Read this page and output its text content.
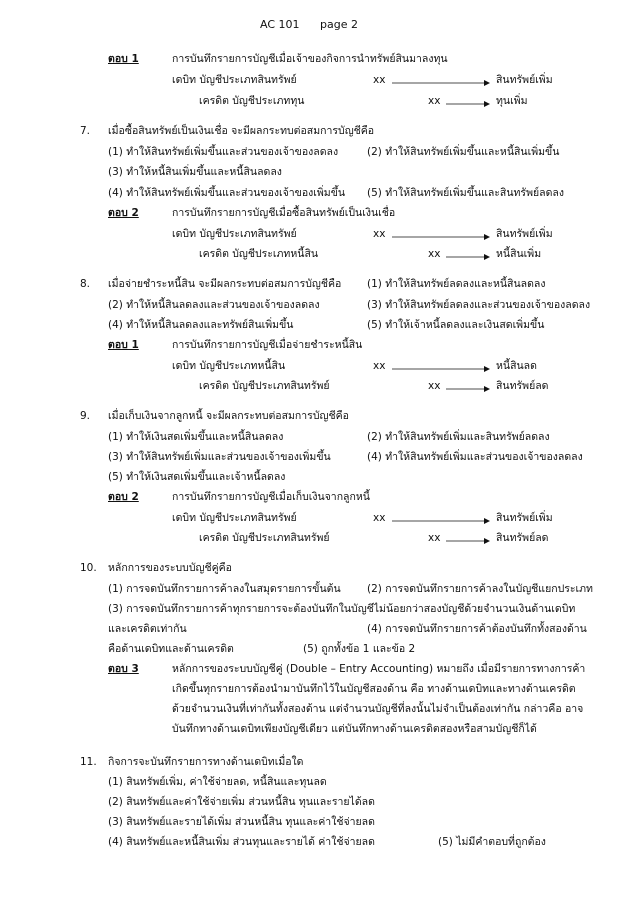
AC 101 page 2
ตอบ 1	การบันทึกรายการบัญชีเมื่อเจ้าของกิจการนำทรัพย์สินมาลงทุน
เดบิท บัญชีประเภทสินทรัพย์	xx	สินทรัพย์เพิ่ม
เครดิต บัญชีประเภททุน	xx	ทุนเพิ่ม
7. เมื่อซื้อสินทรัพย์เป็นเงินเชื่อ จะมีผลกระทบต่อสมการบัญชีคือ
(1) ทำให้สินทรัพย์เพิ่มขึ้นและส่วนของเจ้าของลดลง	(2) ทำให้สินทรัพย์เพิ่มขึ้นและหนี้สินเพิ่มขึ้น
(3) ทำให้หนี้สินเพิ่มขึ้นและหนี้สินลดลง
(4) ทำให้สินทรัพย์เพิ่มขึ้นและส่วนของเจ้าของเพิ่มขึ้น (5) ทำให้สินทรัพย์เพิ่มขึ้นและสินทรัพย์ลดลง
ตอบ 2	การบันทึกรายการบัญชีเมื่อซื้อสินทรัพย์เป็นเงินเชื่อ
เดบิท บัญชีประเภทสินทรัพย์	xx	สินทรัพย์เพิ่ม
เครดิต บัญชีประเภทหนี้สิน	xx	หนี้สินเพิ่ม
8. เมื่อจ่ายชำระหนี้สิน จะมีผลกระทบต่อสมการบัญชีคือ (1) ทำให้สินทรัพย์ลดลงและหนี้สินลดลง
(2) ทำให้หนี้สินลดลงและส่วนของเจ้าของลดลง	(3) ทำให้สินทรัพย์ลดลงและส่วนของเจ้าของลดลง
(4) ทำให้หนี้สินลดลงและทรัพย์สินเพิ่มขึ้น	(5) ทำให้เจ้าหนี้ลดลงและเงินสดเพิ่มขึ้น
ตอบ 1	การบันทึกรายการบัญชีเมื่อจ่ายชำระหนี้สิน
เดบิท บัญชีประเภทหนี้สิน	xx	หนี้สินลด
เครดิต บัญชีประเภทสินทรัพย์	xx	สินทรัพย์ลด
9. เมื่อเก็บเงินจากลูกหนี้ จะมีผลกระทบต่อสมการบัญชีคือ
(1) ทำให้เงินสดเพิ่มขึ้นและหนี้สินลดลง	(2) ทำให้สินทรัพย์เพิ่มและสินทรัพย์ลดลง
(3) ทำให้สินทรัพย์เพิ่มและส่วนของเจ้าของเพิ่มขึ้น	(4) ทำให้สินทรัพย์เพิ่มและส่วนของเจ้าของลดลง
(5) ทำให้เงินสดเพิ่มขึ้นและเจ้าหนี้ลดลง
ตอบ 2	การบันทึกรายการบัญชีเมื่อเก็บเงินจากลูกหนี้
เดบิท บัญชีประเภทสินทรัพย์	xx	สินทรัพย์เพิ่ม
เครดิต บัญชีประเภทสินทรัพย์	xx	สินทรัพย์ลด
10. หลักการของระบบบัญชีคู่คือ
(1) การจดบันทึกรายการค้าลงในสมุดรายการขั้นต้น	(2) การจดบันทึกรายการค้าลงในบัญชีแยกประเภท
(3) การจดบันทึกรายการค้าทุกรายการจะต้องบันทึกในบัญชีไม่น้อยกว่าสองบัญชีด้วยจำนวนเงินด้านเดบิท
และเครดิตเท่ากัน	(4) การจดบันทึกรายการค้าต้องบันทึกทั้งสองด้าน
คือด้านเดบิทและด้านเครดิต	(5) ถูกทั้งข้อ 1 และข้อ 2
ตอบ 3	หลักการของระบบบัญชีคู่ (Double – Entry Accounting) หมายถึง เมื่อมีรายการทางการค้า
เกิดขึ้นทุกรายการต้องนำมาบันทึกไว้ในบัญชีสองด้าน คือ ทางด้านเดบิทและทางด้านเครดิต
ด้วยจำนวนเงินที่เท่ากันทั้งสองด้าน แต่จำนวนบัญชีที่ลงนั้นไม่จำเป็นต้องเท่ากัน กล่าวคือ อาจ
บันทึกทางด้านเดบิทเพียงบัญชีเดียว แต่บันทึกทางด้านเครดิตสองหรือสามบัญชีก็ได้
11. กิจการจะบันทึกรายการทางด้านเดบิทเมื่อใด
(1) สินทรัพย์เพิ่ม, ค่าใช้จ่ายลด, หนี้สินและทุนลด
(2) สินทรัพย์และค่าใช้จ่ายเพิ่ม ส่วนหนี้สิน ทุนและรายได้ลด
(3) สินทรัพย์และรายได้เพิ่ม ส่วนหนี้สิน ทุนและค่าใช้จ่ายลด
(4) สินทรัพย์และหนี้สินเพิ่ม ส่วนทุนและรายได้ ค่าใช้จ่ายลด	(5) ไม่มีคำตอบที่ถูกต้อง
